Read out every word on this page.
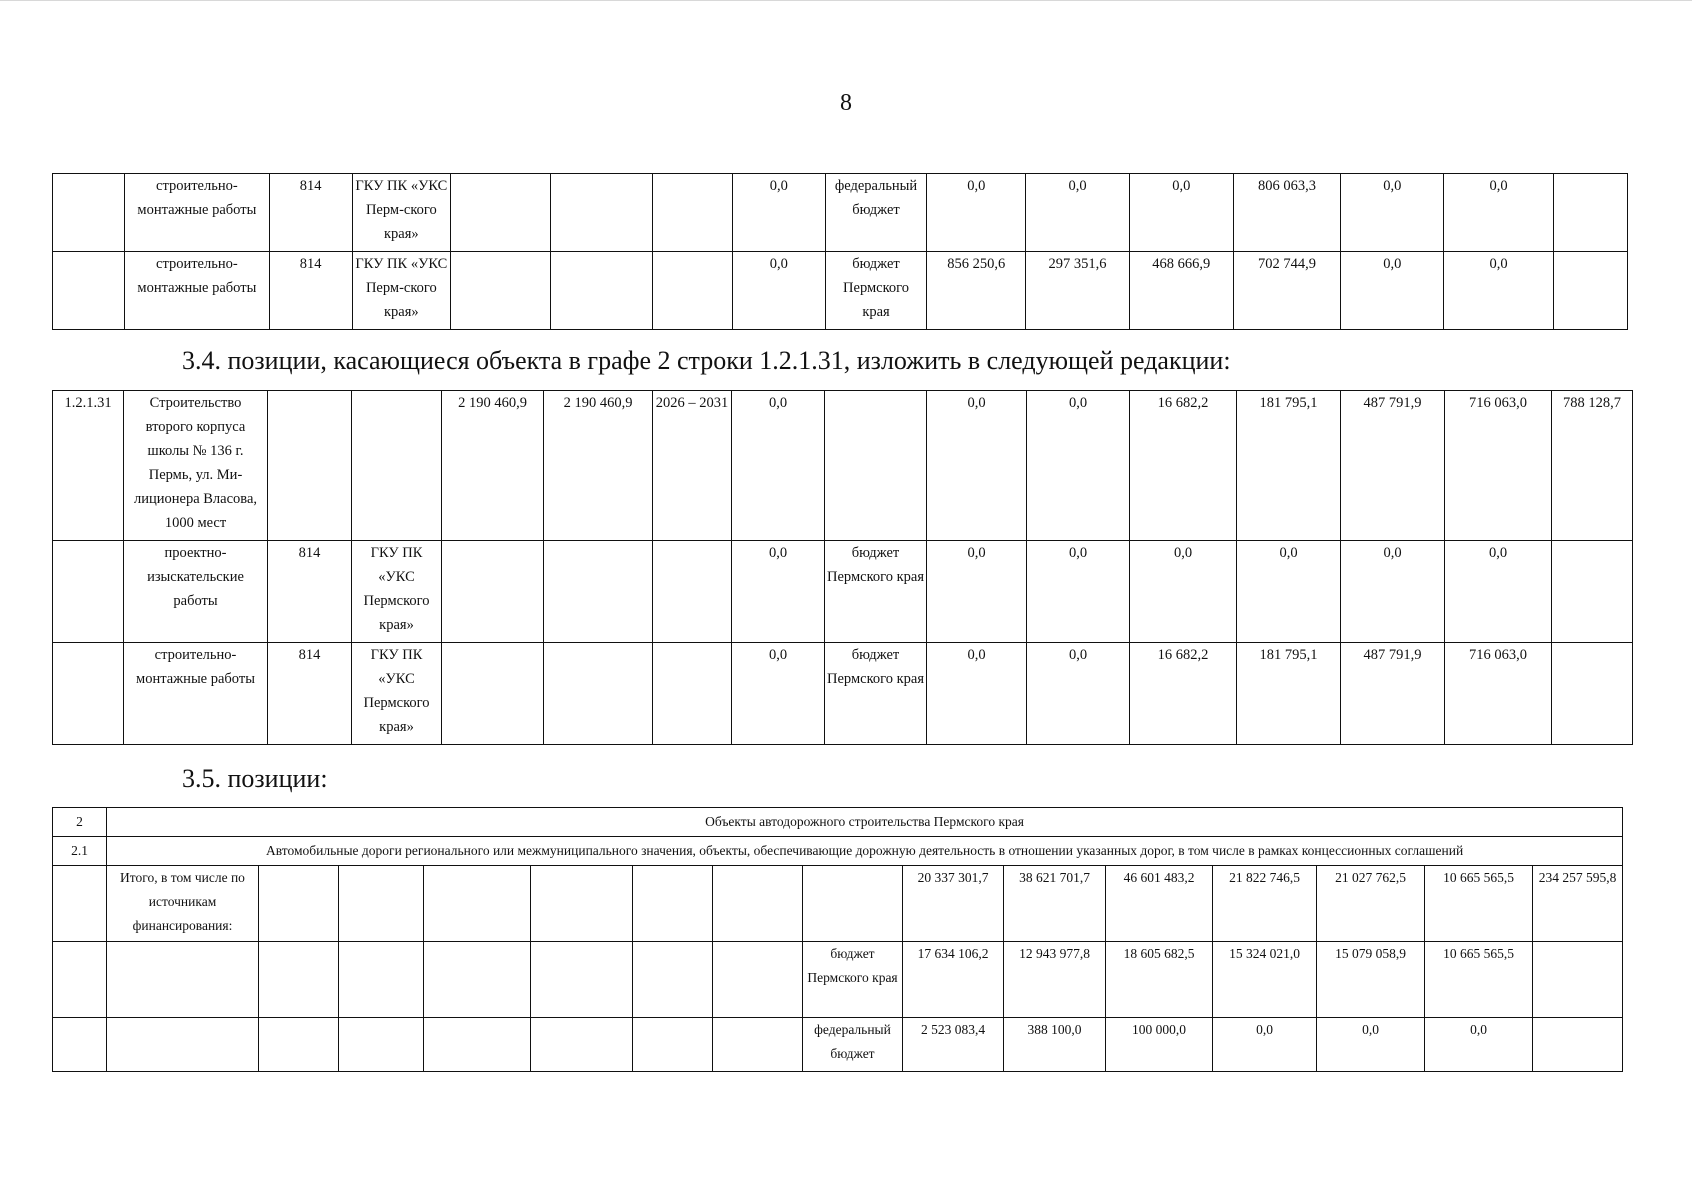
8
	строительно-монтажные работы	814	ГКУ ПК «УКС Перм-ского края»				0,0	федеральный бюджет	0,0	0,0	0,0	806 063,3	0,0	0,0	
	строительно-монтажные работы	814	ГКУ ПК «УКС Перм-ского края»				0,0	бюджет Пермского края	856 250,6	297 351,6	468 666,9	702 744,9	0,0	0,0	
3.4. позиции, касающиеся объекта в графе 2 строки 1.2.1.31, изложить в следующей редакции:
1.2.1.31	Строительство второго корпуса школы № 136 г. Пермь, ул. Ми-лиционера Власова, 1000 мест			2 190 460,9	2 190 460,9	2026 – 2031	0,0		0,0	0,0	16 682,2	181 795,1	487 791,9	716 063,0	788 128,7
	проектно-изыскательские работы	814	ГКУ ПК «УКС Пермского края»				0,0	бюджет Пермского края	0,0	0,0	0,0	0,0	0,0	0,0	
	строительно-монтажные работы	814	ГКУ ПК «УКС Пермского края»				0,0	бюджет Пермского края	0,0	0,0	16 682,2	181 795,1	487 791,9	716 063,0	
3.5. позиции:
2	Объекты автодорожного строительства Пермского края														
2.1	Автомобильные дороги регионального или межмуниципального значения, объекты, обеспечивающие дорожную деятельность в отношении указанных дорог, в том числе в рамках концессионных соглашений														
	Итого, в том числе по источникам финансирования:								20 337 301,7	38 621 701,7	46 601 483,2	21 822 746,5	21 027 762,5	10 665 565,5	234 257 595,8
								бюджет Пермского края	17 634 106,2	12 943 977,8	18 605 682,5	15 324 021,0	15 079 058,9	10 665 565,5	
								федеральный бюджет	2 523 083,4	388 100,0	100 000,0	0,0	0,0	0,0	
